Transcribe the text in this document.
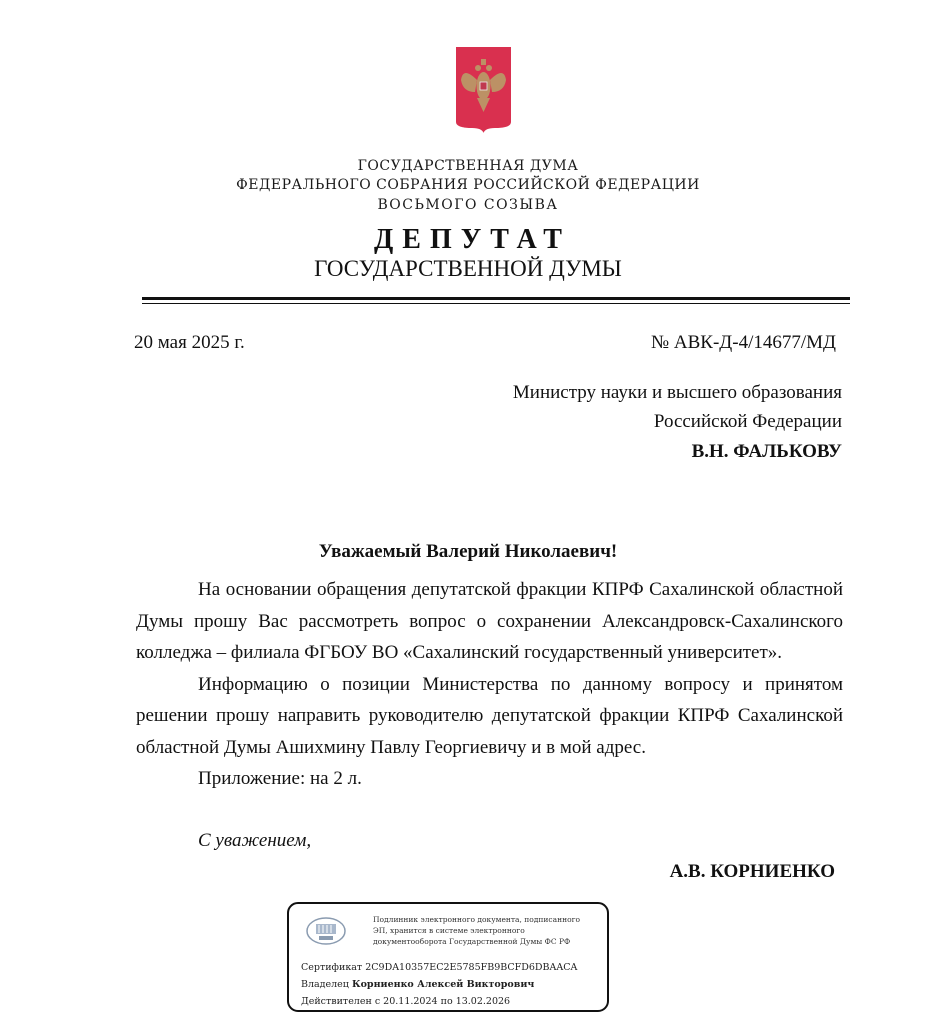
ГОСУДАРСТВЕННАЯ ДУМА
ФЕДЕРАЛЬНОГО СОБРАНИЯ РОССИЙСКОЙ ФЕДЕРАЦИИ
ВОСЬМОГО СОЗЫВА
ДЕПУТАТ
ГОСУДАРСТВЕННОЙ ДУМЫ
20 мая 2025 г.	№ АВК-Д-4/14677/МД
Министру науки и высшего образования
Российской Федерации
В.Н. ФАЛЬКОВУ
Уважаемый Валерий Николаевич!

На основании обращения депутатской фракции КПРФ Сахалинской областной Думы прошу Вас рассмотреть вопрос о сохранении Александровск-Сахалинского колледжа – филиала ФГБОУ ВО «Сахалинский государственный университет».

Информацию о позиции Министерства по данному вопросу и принятом решении прошу направить руководителю депутатской фракции КПРФ Сахалинской областной Думы Ашихмину Павлу Георгиевичу и в мой адрес.

Приложение: на 2 л.

С уважением,
А.В. КОРНИЕНКО
Подлинник электронного документа, подписанного
ЭП, хранится в системе электронного
документооборота Государственной Думы ФС РФ
Сертификат 2C9DA10357EC2E5785FB9BCFD6DBAACA
Владелец Корниенко Алексей Викторович
Действителен с 20.11.2024 по 13.02.2026
